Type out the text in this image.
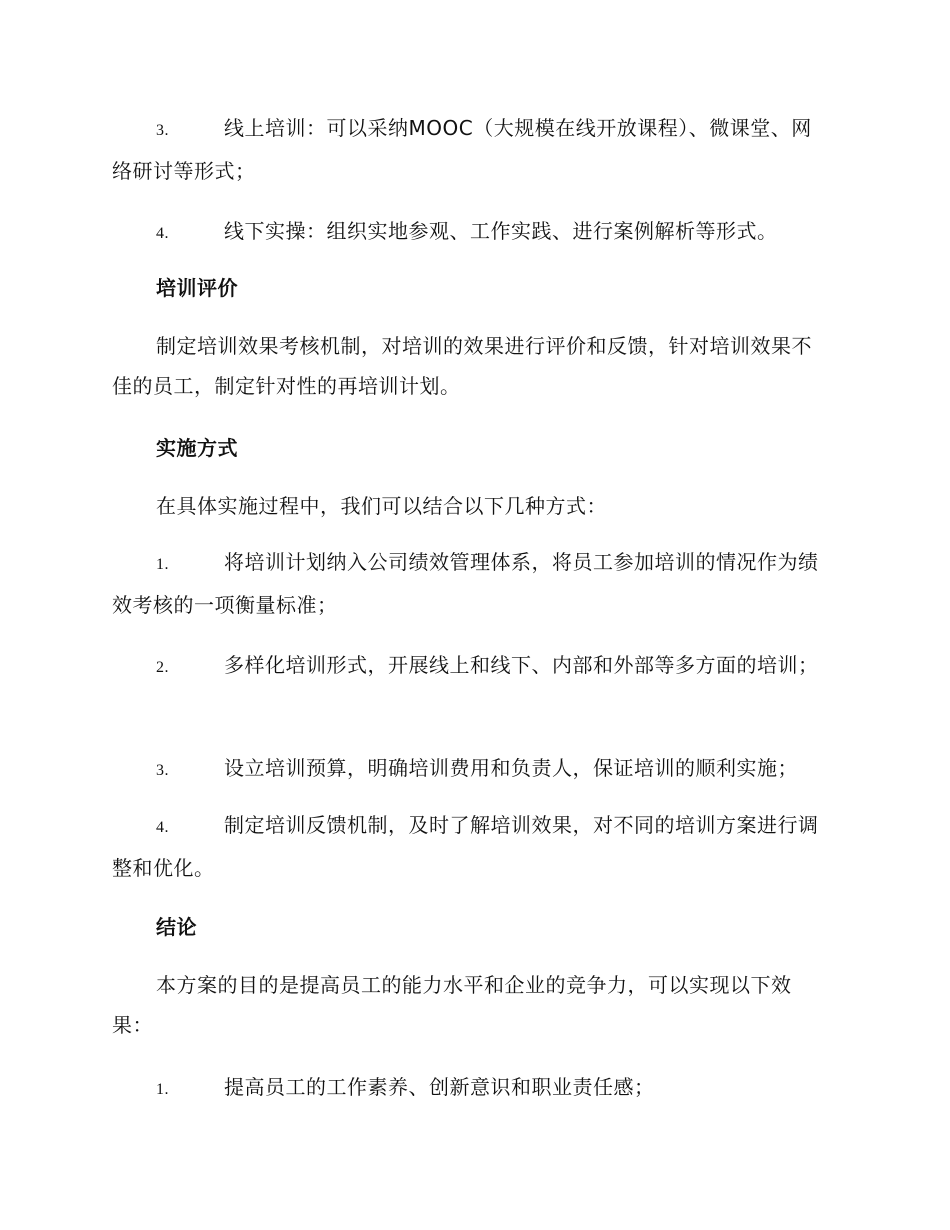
3.	线上培训：可以采纳MOOC（大规模在线开放课程）、微课堂、网络研讨等形式；

4.	线下实操：组织实地参观、工作实践、进行案例解析等形式。

培训评价

制定培训效果考核机制，对培训的效果进行评价和反馈，针对培训效果不佳的员工，制定针对性的再培训计划。

实施方式

在具体实施过程中，我们可以结合以下几种方式：

1.	将培训计划纳入公司绩效管理体系，将员工参加培训的情况作为绩效考核的一项衡量标准；

2.	多样化培训形式，开展线上和线下、内部和外部等多方面的培训；

3.	设立培训预算，明确培训费用和负责人，保证培训的顺利实施；

4.	制定培训反馈机制，及时了解培训效果，对不同的培训方案进行调整和优化。

结论

本方案的目的是提高员工的能力水平和企业的竞争力，可以实现以下效果：

1.	提高员工的工作素养、创新意识和职业责任感；
